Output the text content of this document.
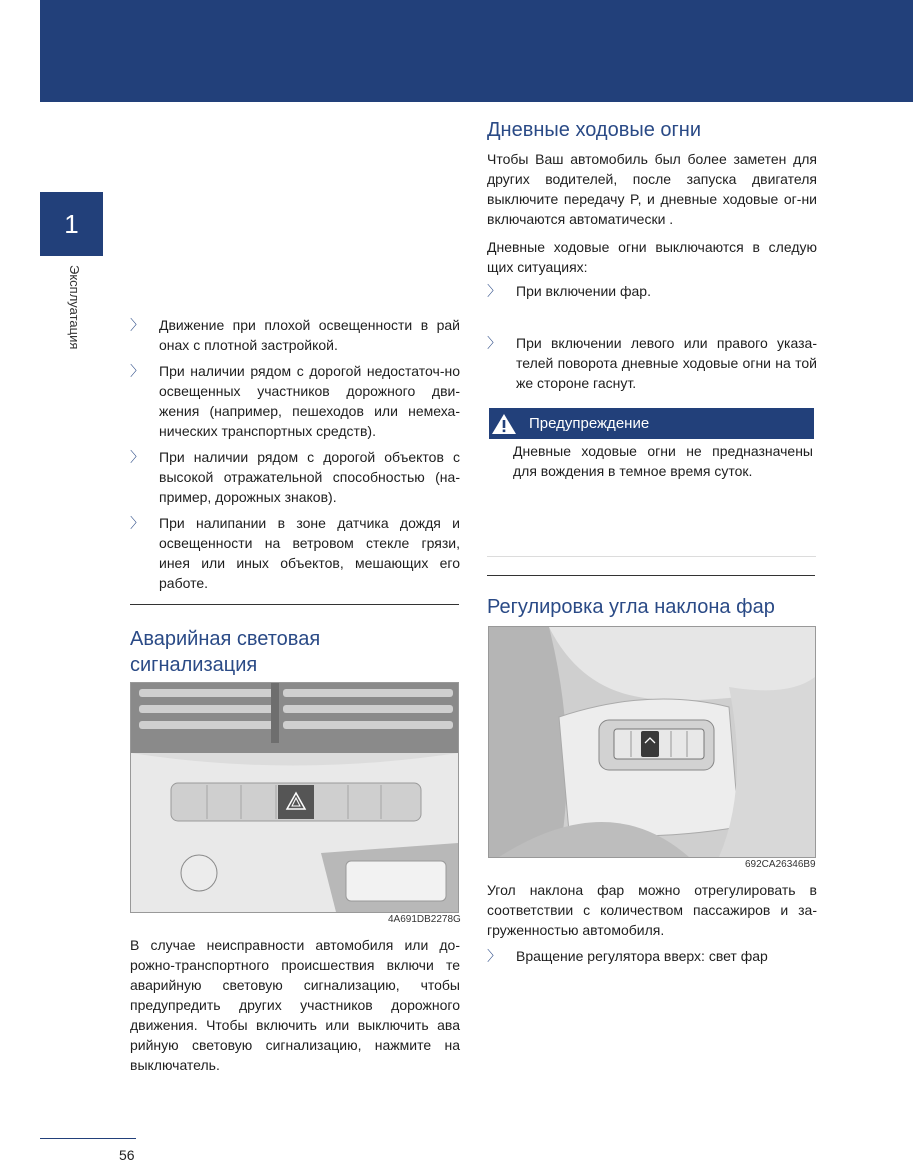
1
Эксплуатация	〉 Движение при плохой освещенности в рай онах с плотной застройкой.
〉 При наличии рядом с дорогой недостаточ-но освещенных участников дорожного дви-жения (например, пешеходов или немеха-нических транспортных средств).
〉 При наличии рядом с дорогой объектов с высокой отражательной способностью (на-пример, дорожных знаков).
〉 При налипании в зоне датчика дождя и освещенности на ветровом стекле грязи, инея или иных объектов, мешающих его работе.

Аварийная световая

сигнализация

4A691DB2278G

В случае неисправности автомобиля или до-рожно-транспортного происшествия включи те аварийную световую сигнализацию, чтобы предупредить других участников дорожного движения. Чтобы включить или выключить ава рийную световую сигнализацию, нажмите на выключатель.

Дневные ходовые огни

Чтобы Ваш автомобиль был более заметен для других водителей, после запуска двигателя выключите передачу P, и дневные ходовые ог-ни включаются автоматически .

Дневные ходовые огни выключаются в следую щих ситуациях:

〉 При включении фар.
〉 При включении левого или правого указа-телей поворота дневные ходовые огни на той же стороне гаснут.
Предупреждение

Дневные ходовые огни не предназначены для вождения в темное время суток.

Регулировка угла наклона фар

692CA26346B9

Угол наклона фар можно отрегулировать в соответствии с количеством пассажиров и за-груженностью автомобиля.

〉 Вращение регулятора вверх: свет фар
56
